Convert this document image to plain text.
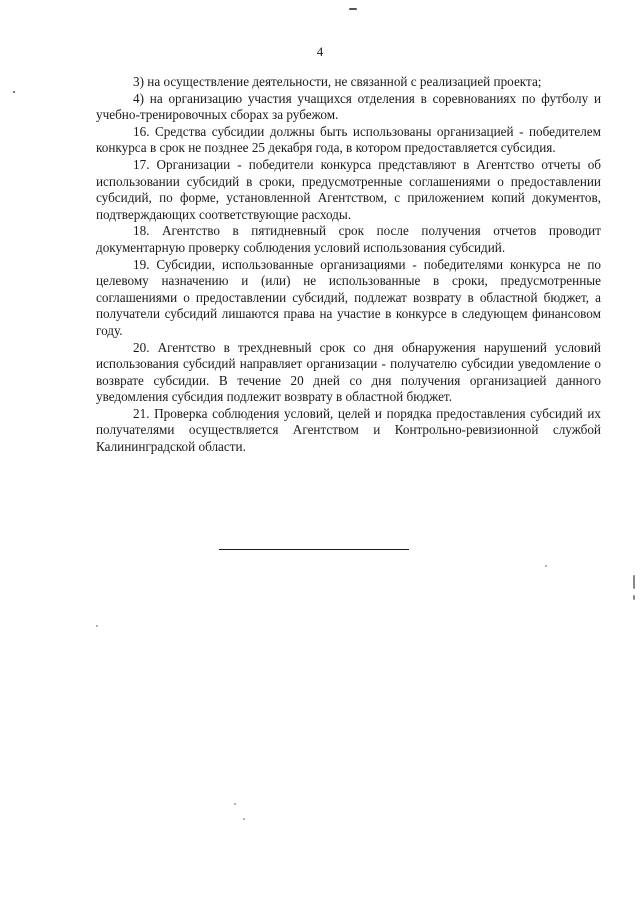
4

3) на осуществление деятельности, не связанной с реализацией проекта;

4) на организацию участия учащихся отделения в соревнованиях по футболу и учебно-тренировочных сборах за рубежом.

16. Средства субсидии должны быть использованы организацией - победителем конкурса в срок не позднее 25 декабря года, в котором предоставляется субсидия.

17. Организации - победители конкурса представляют в Агентство отчеты об использовании субсидий в сроки, предусмотренные соглашениями о предоставлении субсидий, по форме, установленной Агентством, с приложением копий документов, подтверждающих соответствующие расходы.

18. Агентство в пятидневный срок после получения отчетов проводит документарную проверку соблюдения условий использования субсидий.

19. Субсидии, использованные организациями - победителями конкурса не по целевому назначению и (или) не использованные в сроки, предусмотренные соглашениями о предоставлении субсидий, подлежат возврату в областной бюджет, а получатели субсидий лишаются права на участие в конкурсе в следующем финансовом году.

20. Агентство в трехдневный срок со дня обнаружения нарушений условий использования субсидий направляет организации - получателю субсидии уведомление о возврате субсидии. В течение 20 дней со дня получения организацией данного уведомления субсидия подлежит возврату в областной бюджет.

21. Проверка соблюдения условий, целей и порядка предоставления субсидий их получателями осуществляется Агентством и Контрольно-ревизионной службой Калининградской области.
